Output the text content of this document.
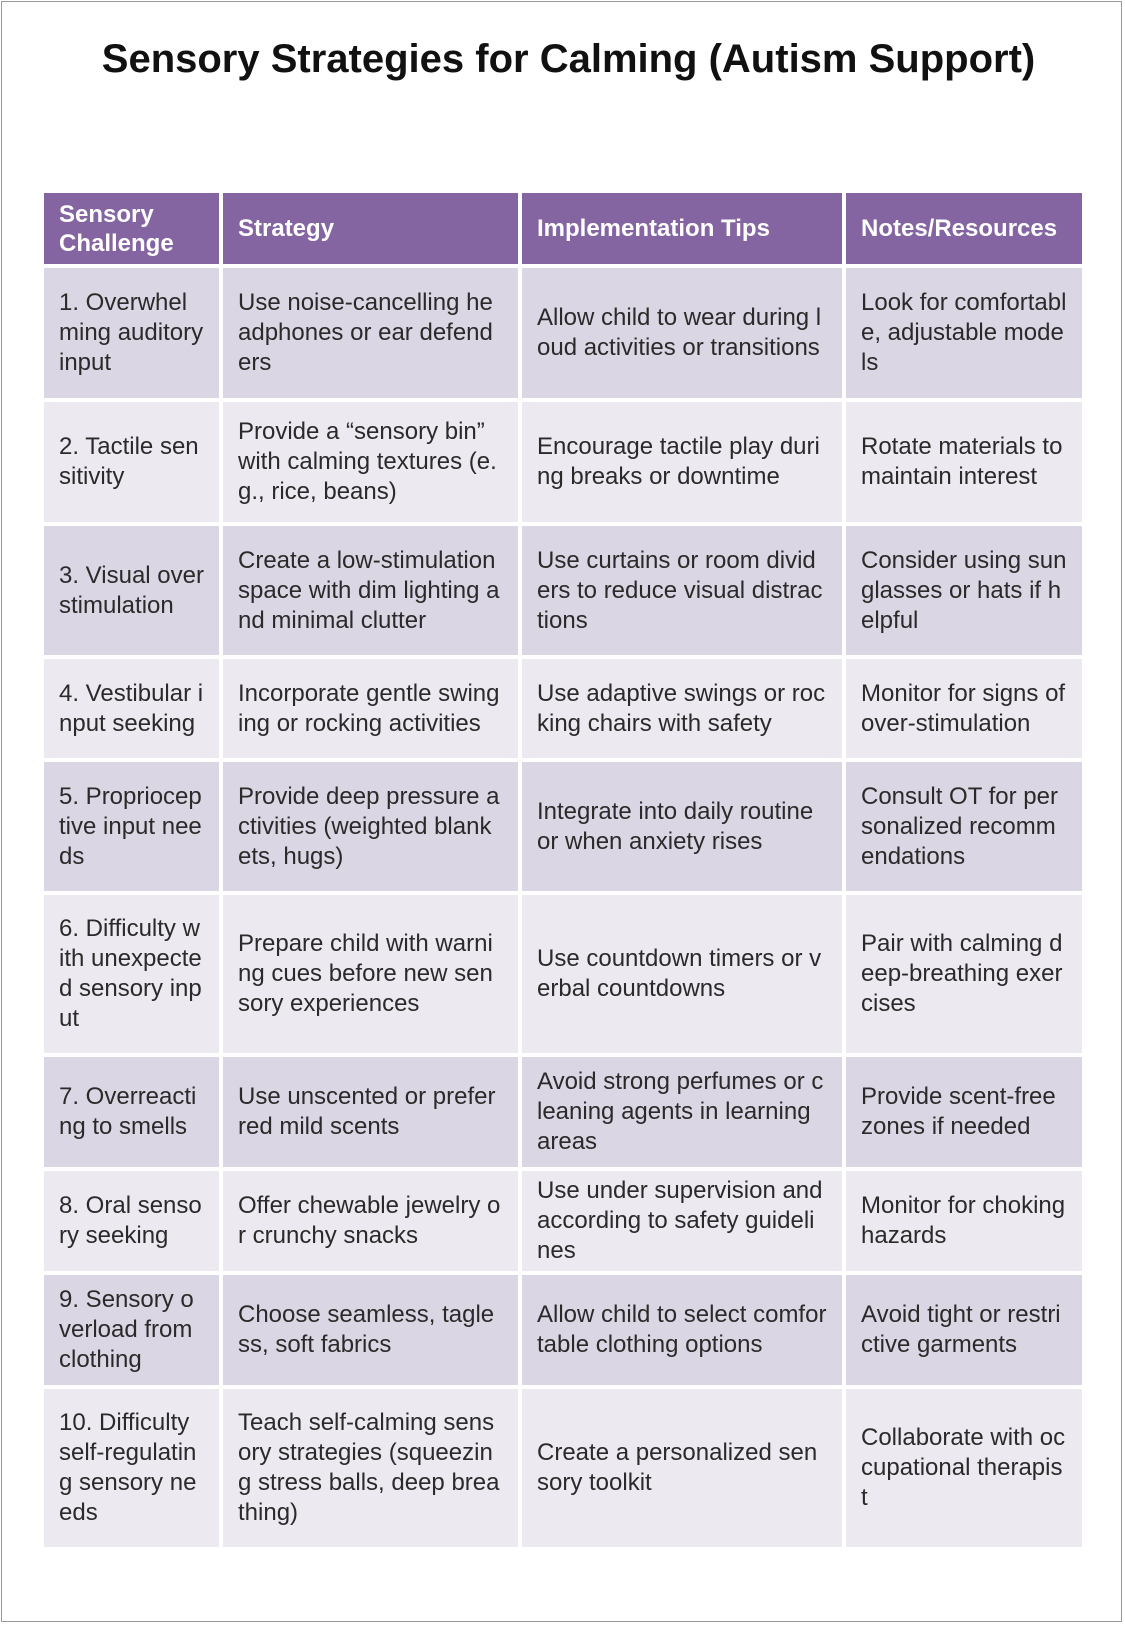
Sensory Strategies for Calming (Autism Support)
Sensory Challenge	Strategy	Implementation Tips	Notes/Resources
1. Overwhelming auditory input	Use noise-cancelling headphones or ear defenders	Allow child to wear during loud activities or transitions	Look for comfortable, adjustable models
2. Tactile sensitivity	Provide a “sensory bin” with calming textures (e.g., rice, beans)	Encourage tactile play during breaks or downtime	Rotate materials to maintain interest
3. Visual overstimulation	Create a low-stimulation space with dim lighting and minimal clutter	Use curtains or room dividers to reduce visual distractions	Consider using sunglasses or hats if helpful
4. Vestibular input seeking	Incorporate gentle swinging or rocking activities	Use adaptive swings or rocking chairs with safety	Monitor for signs of over-stimulation
5. Proprioceptive input needs	Provide deep pressure activities (weighted blankets, hugs)	Integrate into daily routine or when anxiety rises	Consult OT for personalized recommendations
6. Difficulty with unexpected sensory input	Prepare child with warning cues before new sensory experiences	Use countdown timers or verbal countdowns	Pair with calming deep-breathing exercises
7. Overreacting to smells	Use unscented or preferred mild scents	Avoid strong perfumes or cleaning agents in learning areas	Provide scent-free zones if needed
8. Oral sensory seeking	Offer chewable jewelry or crunchy snacks	Use under supervision and according to safety guidelines	Monitor for choking hazards
9. Sensory overload from clothing	Choose seamless, tagless, soft fabrics	Allow child to select comfortable clothing options	Avoid tight or restrictive garments
10. Difficulty self-regulating sensory needs	Teach self-calming sensory strategies (squeezing stress balls, deep breathing)	Create a personalized sensory toolkit	Collaborate with occupational therapist
